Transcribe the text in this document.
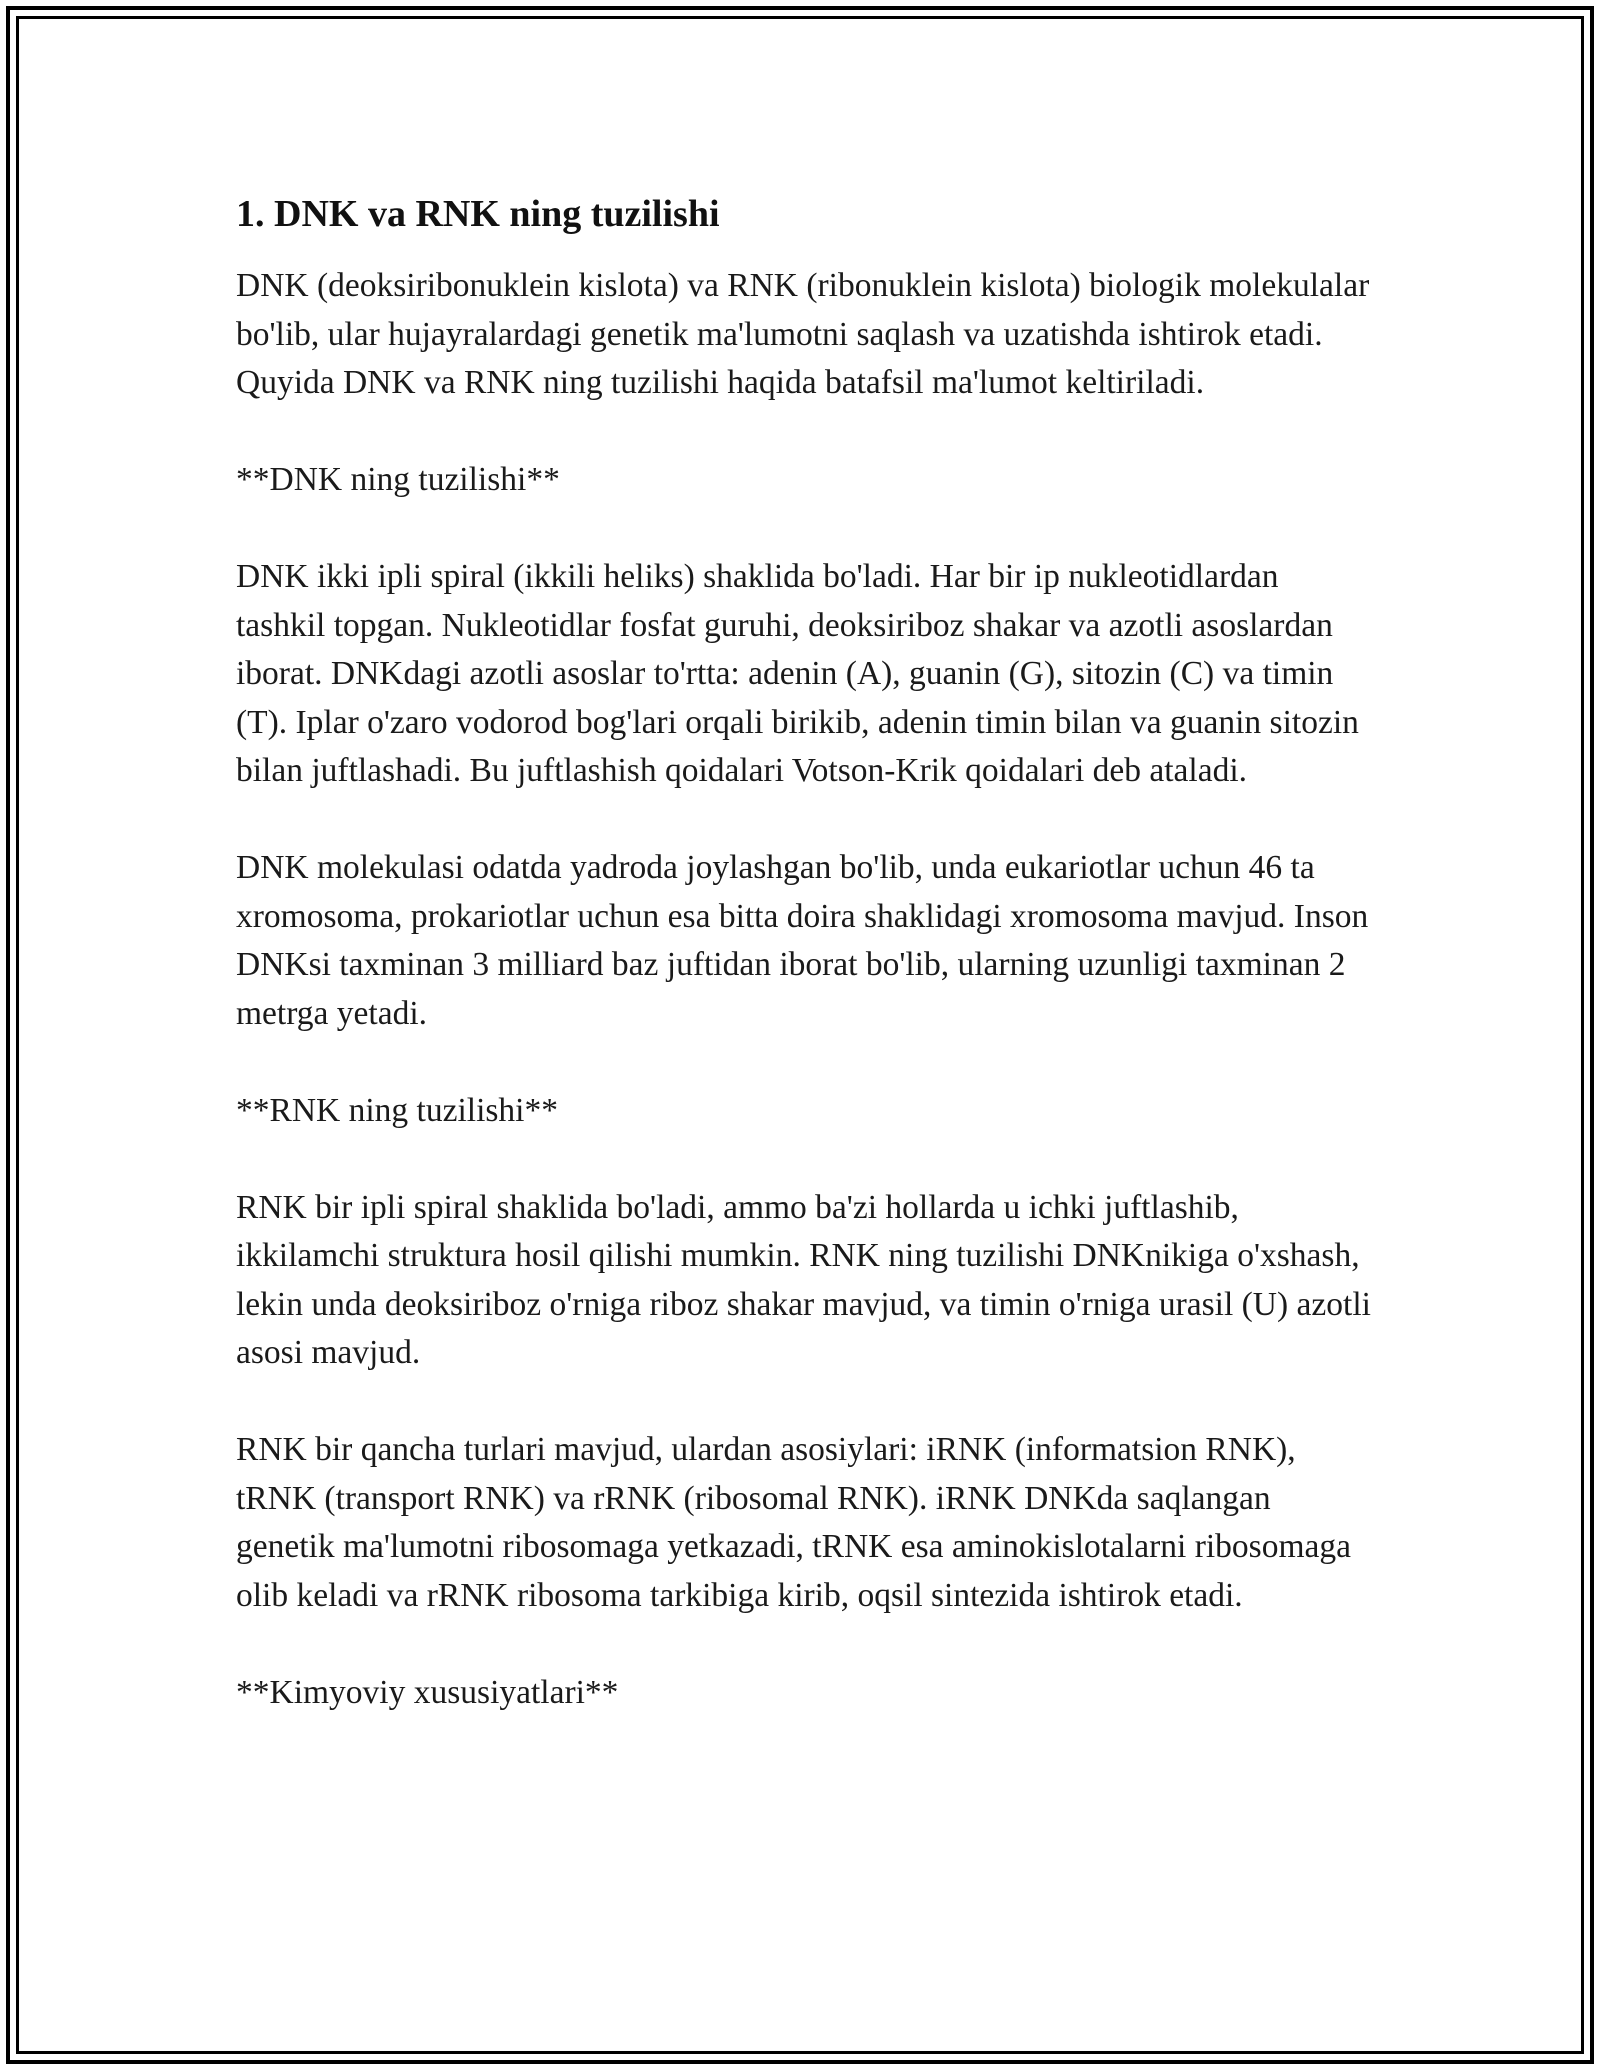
1. DNK va RNK ning tuzilishi

DNK (deoksiribonuklein kislota) va RNK (ribonuklein kislota) biologik molekulalar bo'lib, ular hujayralardagi genetik ma'lumotni saqlash va uzatishda ishtirok etadi. Quyida DNK va RNK ning tuzilishi haqida batafsil ma'lumot keltiriladi.

**DNK ning tuzilishi**

DNK ikki ipli spiral (ikkili heliks) shaklida bo'ladi. Har bir ip nukleotidlardan tashkil topgan. Nukleotidlar fosfat guruhi, deoksiriboz shakar va azotli asoslardan iborat. DNKdagi azotli asoslar to'rtta: adenin (A), guanin (G), sitozin (C) va timin (T). Iplar o'zaro vodorod bog'lari orqali birikib, adenin timin bilan va guanin sitozin bilan juftlashadi. Bu juftlashish qoidalari Votson-Krik qoidalari deb ataladi.

DNK molekulasi odatda yadroda joylashgan bo'lib, unda eukariotlar uchun 46 ta xromosoma, prokariotlar uchun esa bitta doira shaklidagi xromosoma mavjud. Inson DNKsi taxminan 3 milliard baz juftidan iborat bo'lib, ularning uzunligi taxminan 2 metrga yetadi.

**RNK ning tuzilishi**

RNK bir ipli spiral shaklida bo'ladi, ammo ba'zi hollarda u ichki juftlashib, ikkilamchi struktura hosil qilishi mumkin. RNK ning tuzilishi DNKnikiga o'xshash, lekin unda deoksiriboz o'rniga riboz shakar mavjud, va timin o'rniga urasil (U) azotli asosi mavjud.

RNK bir qancha turlari mavjud, ulardan asosiylari: iRNK (informatsion RNK), tRNK (transport RNK) va rRNK (ribosomal RNK). iRNK DNKda saqlangan genetik ma'lumotni ribosomaga yetkazadi, tRNK esa aminokislotalarni ribosomaga olib keladi va rRNK ribosoma tarkibiga kirib, oqsil sintezida ishtirok etadi.

**Kimyoviy xususiyatlari**
